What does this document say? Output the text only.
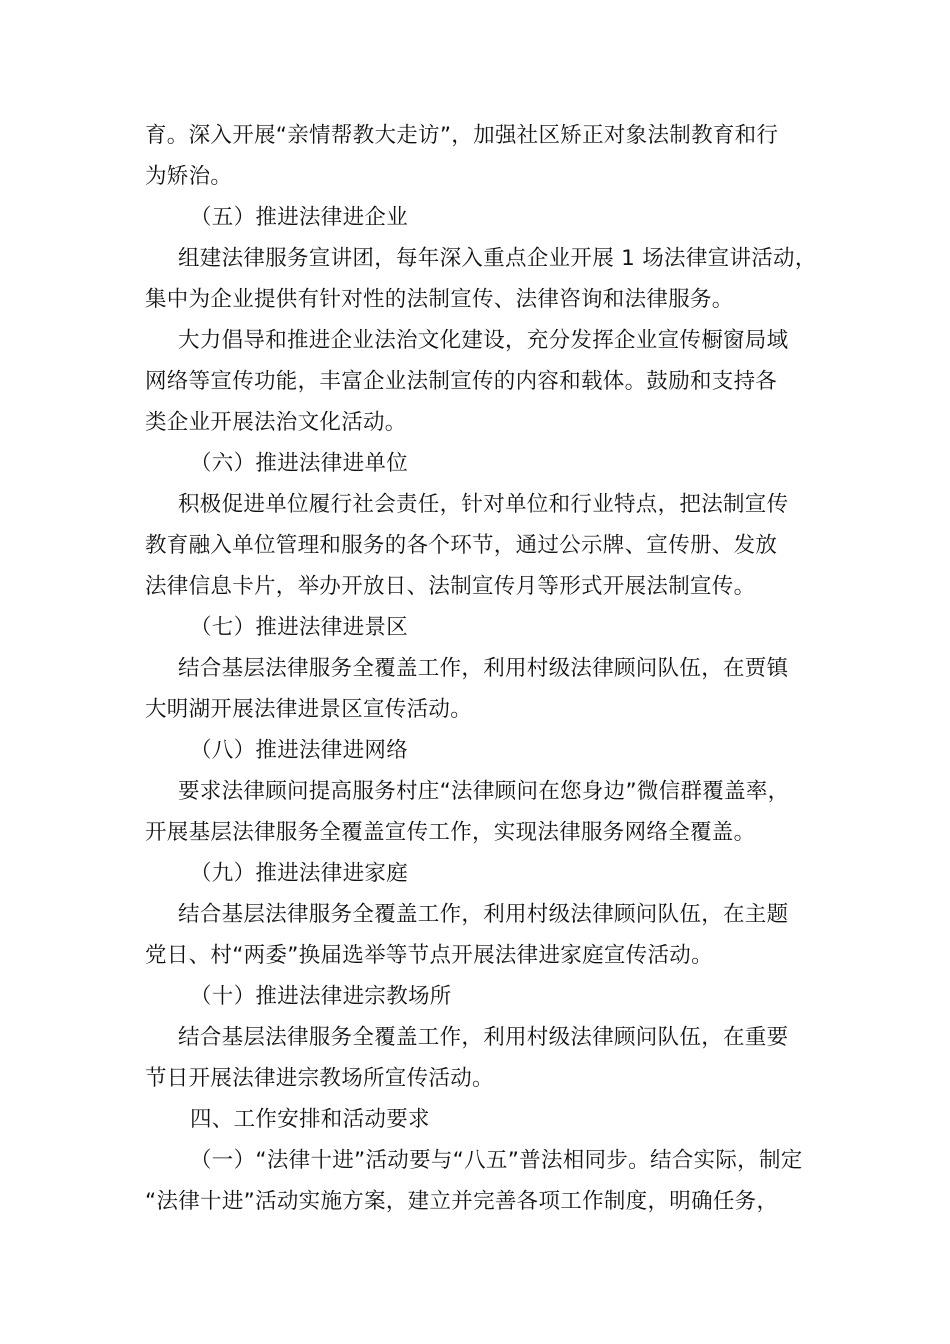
育。深入开展“亲情帮教大走访”，加强社区矫正对象法制教育和行
为矫治。
（五）推进法律进企业
组建法律服务宣讲团，每年深入重点企业开展 1 场法律宣讲活动，
集中为企业提供有针对性的法制宣传、法律咨询和法律服务。
大力倡导和推进企业法治文化建设，充分发挥企业宣传橱窗局域
网络等宣传功能，丰富企业法制宣传的内容和载体。鼓励和支持各
类企业开展法治文化活动。
（六）推进法律进单位
积极促进单位履行社会责任，针对单位和行业特点，把法制宣传
教育融入单位管理和服务的各个环节，通过公示牌、宣传册、发放
法律信息卡片，举办开放日、法制宣传月等形式开展法制宣传。
（七）推进法律进景区
结合基层法律服务全覆盖工作，利用村级法律顾问队伍，在贾镇
大明湖开展法律进景区宣传活动。
（八）推进法律进网络
要求法律顾问提高服务村庄“法律顾问在您身边”微信群覆盖率，
开展基层法律服务全覆盖宣传工作，实现法律服务网络全覆盖。
（九）推进法律进家庭
结合基层法律服务全覆盖工作，利用村级法律顾问队伍，在主题
党日、村“两委”换届选举等节点开展法律进家庭宣传活动。
（十）推进法律进宗教场所
结合基层法律服务全覆盖工作，利用村级法律顾问队伍，在重要
节日开展法律进宗教场所宣传活动。
四、工作安排和活动要求
（一）“法律十进”活动要与“八五”普法相同步。结合实际，制定
“法律十进”活动实施方案，建立并完善各项工作制度，明确任务，
